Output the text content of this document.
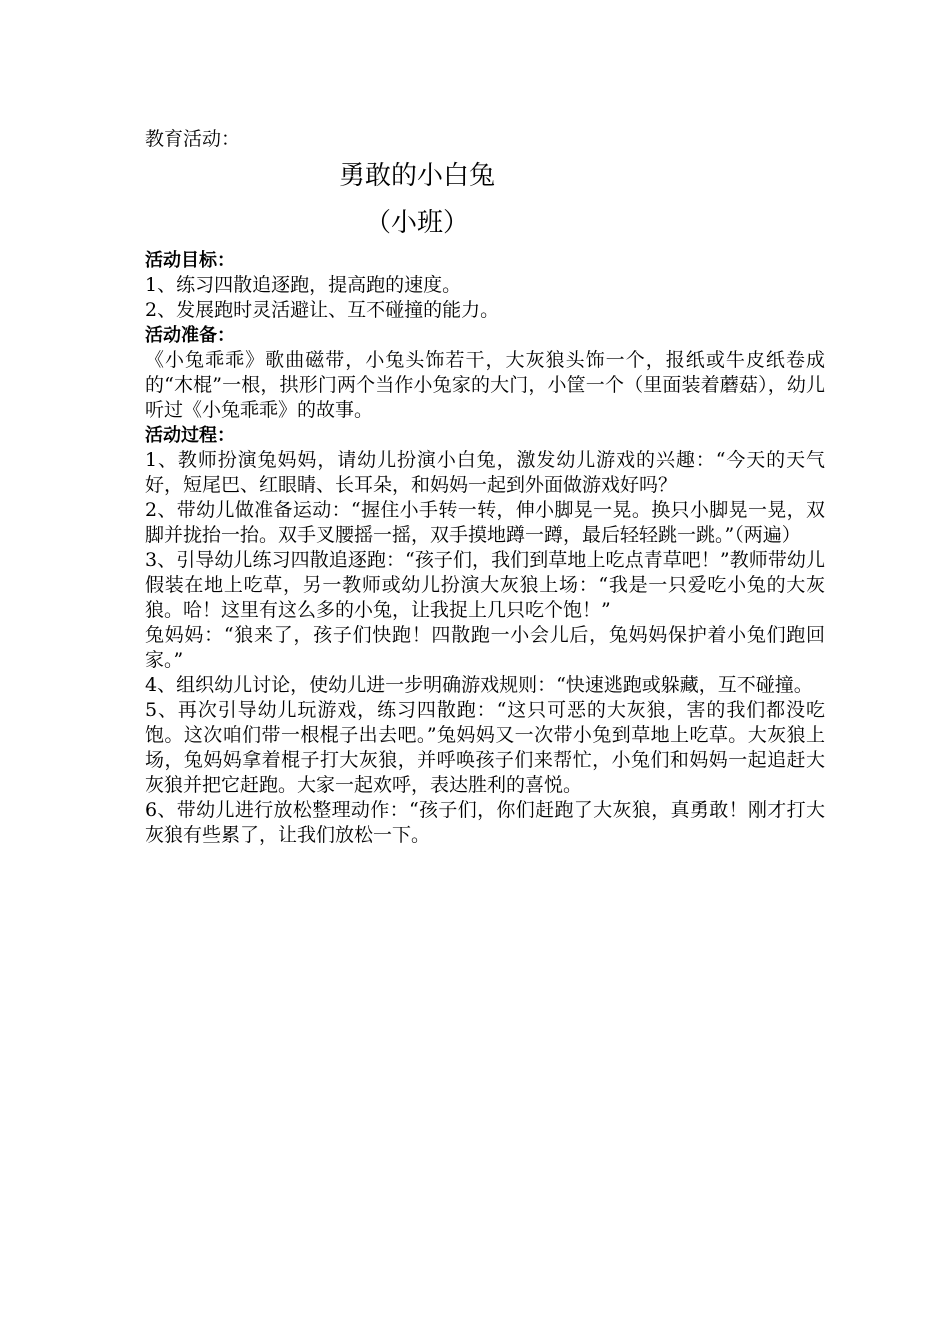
教育活动：
勇敢的小白兔
（小班）
活动目标：
1、练习四散追逐跑，提高跑的速度。
2、发展跑时灵活避让、互不碰撞的能力。
活动准备：
《小兔乖乖》歌曲磁带，小兔头饰若干，大灰狼头饰一个，报纸或牛皮纸卷成的“木棍”一根，拱形门两个当作小兔家的大门，小筐一个（里面装着蘑菇），幼儿听过《小兔乖乖》的故事。
活动过程：
1、教师扮演兔妈妈，请幼儿扮演小白兔，激发幼儿游戏的兴趣：“今天的天气好，短尾巴、红眼睛、长耳朵，和妈妈一起到外面做游戏好吗？
2、带幼儿做准备运动：“握住小手转一转，伸小脚晃一晃。换只小脚晃一晃，双脚并拢抬一抬。双手叉腰摇一摇，双手摸地蹲一蹲，最后轻轻跳一跳。”（两遍）
3、引导幼儿练习四散追逐跑：“孩子们，我们到草地上吃点青草吧！”教师带幼儿假装在地上吃草，另一教师或幼儿扮演大灰狼上场：“我是一只爱吃小兔的大灰狼。哈！这里有这么多的小兔，让我捉上几只吃个饱！”
兔妈妈：“狼来了，孩子们快跑！四散跑一小会儿后，兔妈妈保护着小兔们跑回家。”
4、组织幼儿讨论，使幼儿进一步明确游戏规则：“快速逃跑或躲藏，互不碰撞。
5、再次引导幼儿玩游戏，练习四散跑：“这只可恶的大灰狼，害的我们都没吃饱。这次咱们带一根棍子出去吧。”兔妈妈又一次带小兔到草地上吃草。大灰狼上场，兔妈妈拿着棍子打大灰狼，并呼唤孩子们来帮忙，小兔们和妈妈一起追赶大灰狼并把它赶跑。大家一起欢呼，表达胜利的喜悦。
6、带幼儿进行放松整理动作：“孩子们，你们赶跑了大灰狼，真勇敢！刚才打大灰狼有些累了，让我们放松一下。
